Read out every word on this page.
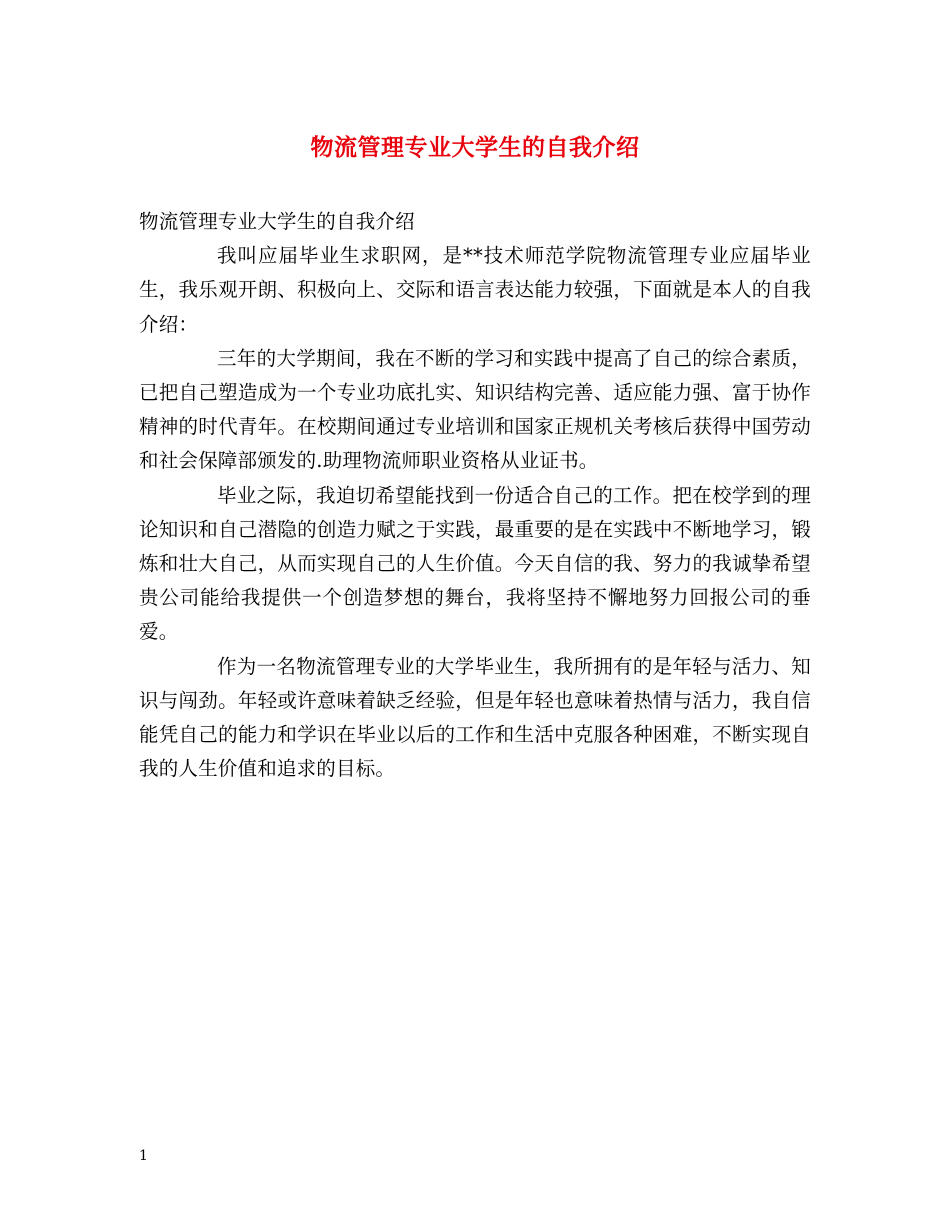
物流管理专业大学生的自我介绍

物流管理专业大学生的自我介绍

我叫应届毕业生求职网，是**技术师范学院物流管理专业应届毕业生，我乐观开朗、积极向上、交际和语言表达能力较强，下面就是本人的自我介绍：

三年的大学期间，我在不断的学习和实践中提高了自己的综合素质，已把自己塑造成为一个专业功底扎实、知识结构完善、适应能力强、富于协作精神的时代青年。在校期间通过专业培训和国家正规机关考核后获得中国劳动和社会保障部颁发的.助理物流师职业资格从业证书。

毕业之际，我迫切希望能找到一份适合自己的工作。把在校学到的理论知识和自己潜隐的创造力赋之于实践，最重要的是在实践中不断地学习，锻炼和壮大自己，从而实现自己的人生价值。今天自信的我、努力的我诚挚希望贵公司能给我提供一个创造梦想的舞台，我将坚持不懈地努力回报公司的垂爱。

作为一名物流管理专业的大学毕业生，我所拥有的是年轻与活力、知识与闯劲。年轻或许意味着缺乏经验，但是年轻也意味着热情与活力，我自信能凭自己的能力和学识在毕业以后的工作和生活中克服各种困难，不断实现自我的人生价值和追求的目标。

1
